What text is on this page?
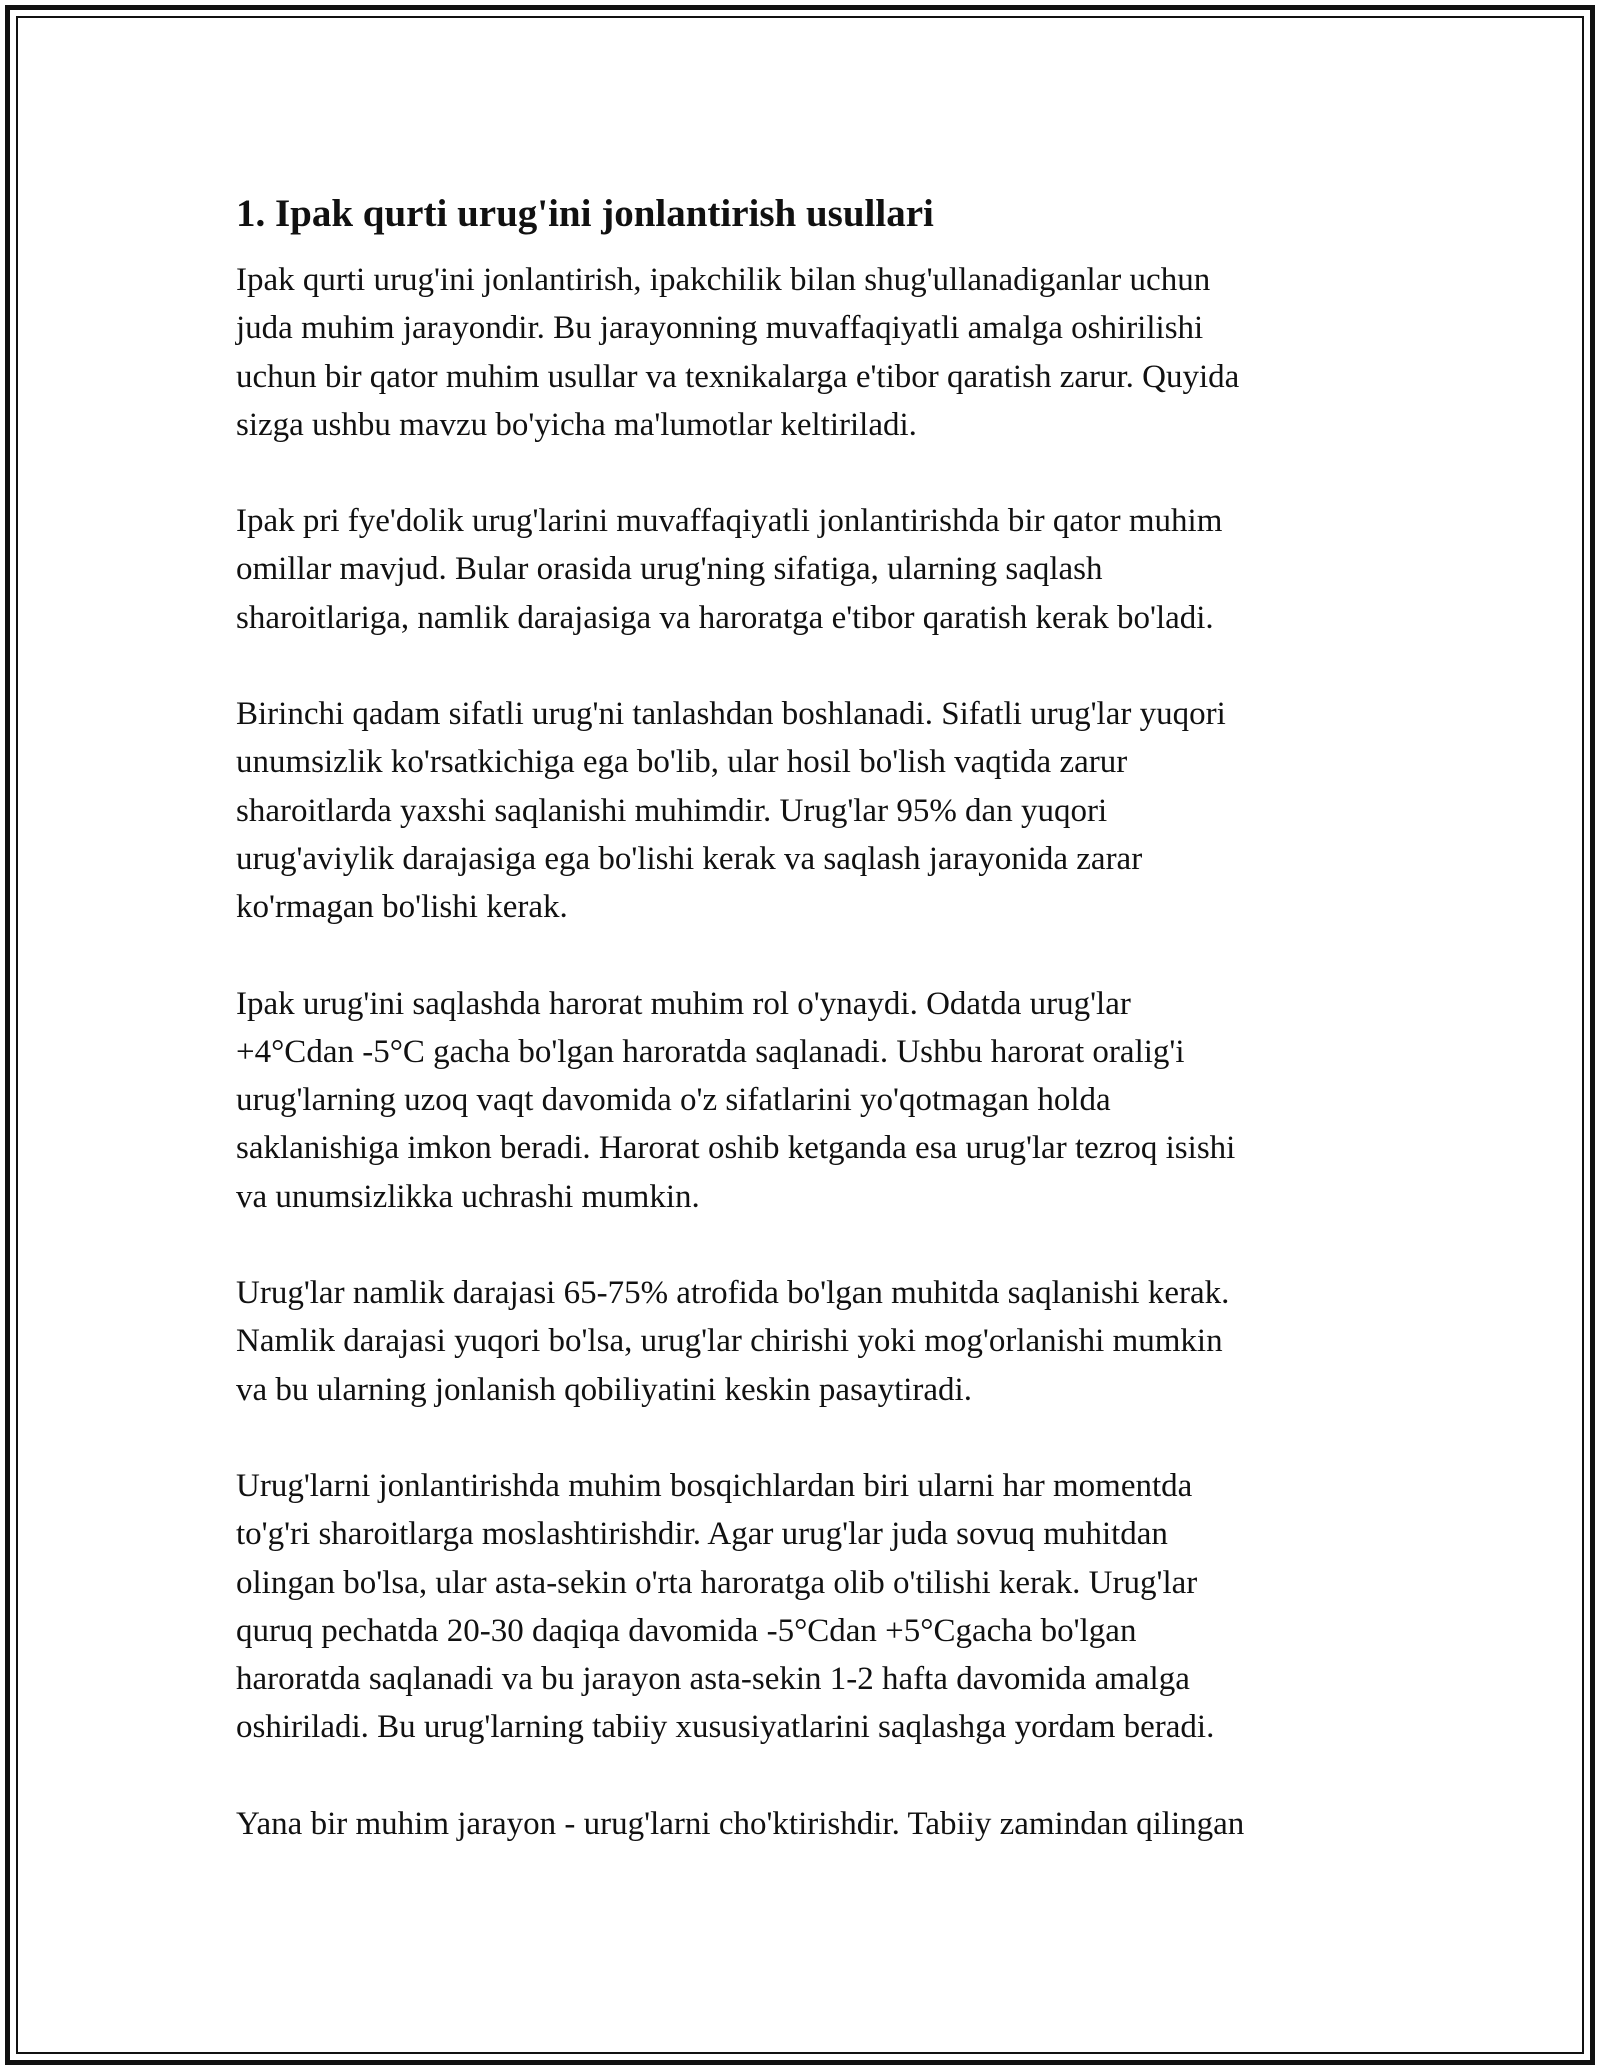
1. Ipak qurti urug'ini jonlantirish usullari

Ipak qurti urug'ini jonlantirish, ipakchilik bilan shug'ullanadiganlar uchun
juda muhim jarayondir. Bu jarayonning muvaffaqiyatli amalga oshirilishi
uchun bir qator muhim usullar va texnikalarga e'tibor qaratish zarur. Quyida
sizga ushbu mavzu bo'yicha ma'lumotlar keltiriladi.

Ipak pri fye'dolik urug'larini muvaffaqiyatli jonlantirishda bir qator muhim
omillar mavjud. Bular orasida urug'ning sifatiga, ularning saqlash
sharoitlariga, namlik darajasiga va haroratga e'tibor qaratish kerak bo'ladi.

Birinchi qadam sifatli urug'ni tanlashdan boshlanadi. Sifatli urug'lar yuqori
unumsizlik ko'rsatkichiga ega bo'lib, ular hosil bo'lish vaqtida zarur
sharoitlarda yaxshi saqlanishi muhimdir. Urug'lar 95% dan yuqori
urug'aviylik darajasiga ega bo'lishi kerak va saqlash jarayonida zarar
ko'rmagan bo'lishi kerak.

Ipak urug'ini saqlashda harorat muhim rol o'ynaydi. Odatda urug'lar
+4°Cdan -5°C gacha bo'lgan haroratda saqlanadi. Ushbu harorat oralig'i
urug'larning uzoq vaqt davomida o'z sifatlarini yo'qotmagan holda
saklanishiga imkon beradi. Harorat oshib ketganda esa urug'lar tezroq isishi
va unumsizlikka uchrashi mumkin.

Urug'lar namlik darajasi 65-75% atrofida bo'lgan muhitda saqlanishi kerak.
Namlik darajasi yuqori bo'lsa, urug'lar chirishi yoki mog'orlanishi mumkin
va bu ularning jonlanish qobiliyatini keskin pasaytiradi.

Urug'larni jonlantirishda muhim bosqichlardan biri ularni har momentda
to'g'ri sharoitlarga moslashtirishdir. Agar urug'lar juda sovuq muhitdan
olingan bo'lsa, ular asta-sekin o'rta haroratga olib o'tilishi kerak. Urug'lar
quruq pechatda 20-30 daqiqa davomida -5°Cdan +5°Cgacha bo'lgan
haroratda saqlanadi va bu jarayon asta-sekin 1-2 hafta davomida amalga
oshiriladi. Bu urug'larning tabiiy xususiyatlarini saqlashga yordam beradi.

Yana bir muhim jarayon - urug'larni cho'ktirishdir. Tabiiy zamindan qilingan
